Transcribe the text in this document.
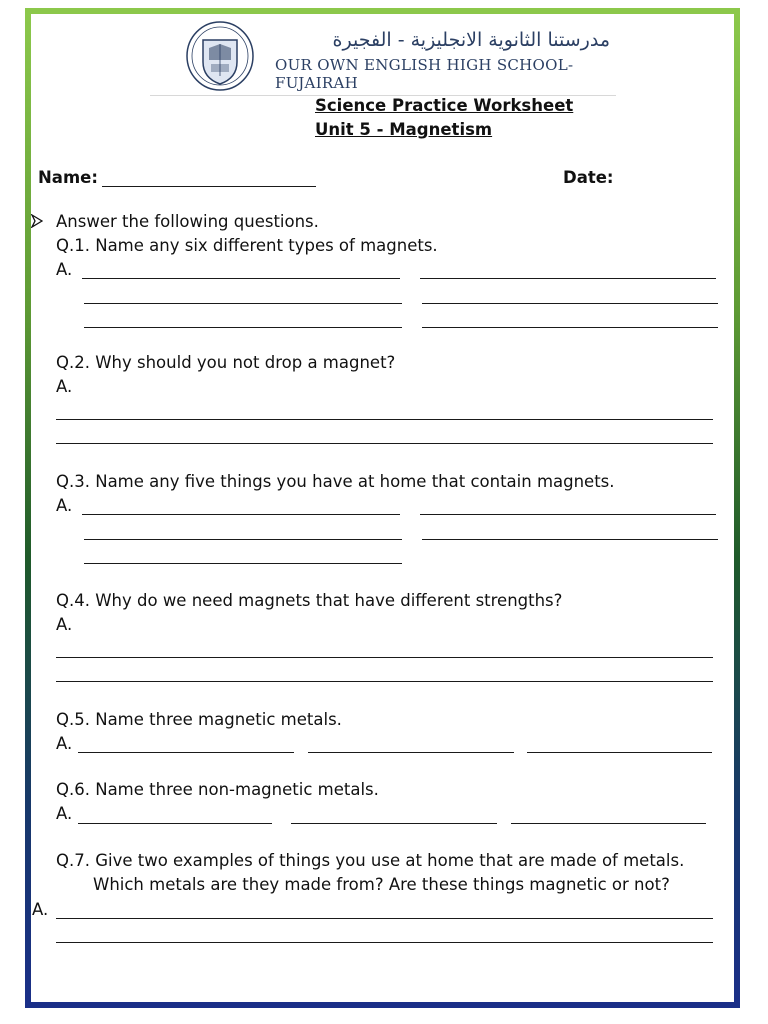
مدرستنا الثانوية الانجليزية - الفجيرة
OUR OWN ENGLISH HIGH SCHOOL-FUJAIRAH
Science Practice Worksheet
Unit 5 - Magnetism
Name:	Date:
Answer the following questions.
Q.1. Name any six different types of magnets.
A.
Q.2. Why should you not drop a magnet?
A.
Q.3. Name any five things you have at home that contain magnets.
A.
Q.4. Why do we need magnets that have different strengths?
A.
Q.5. Name three magnetic metals.
A.
Q.6. Name three non-magnetic metals.
A.
Q.7. Give two examples of things you use at home that are made of metals.
Which metals are they made from? Are these things magnetic or not?
A.
